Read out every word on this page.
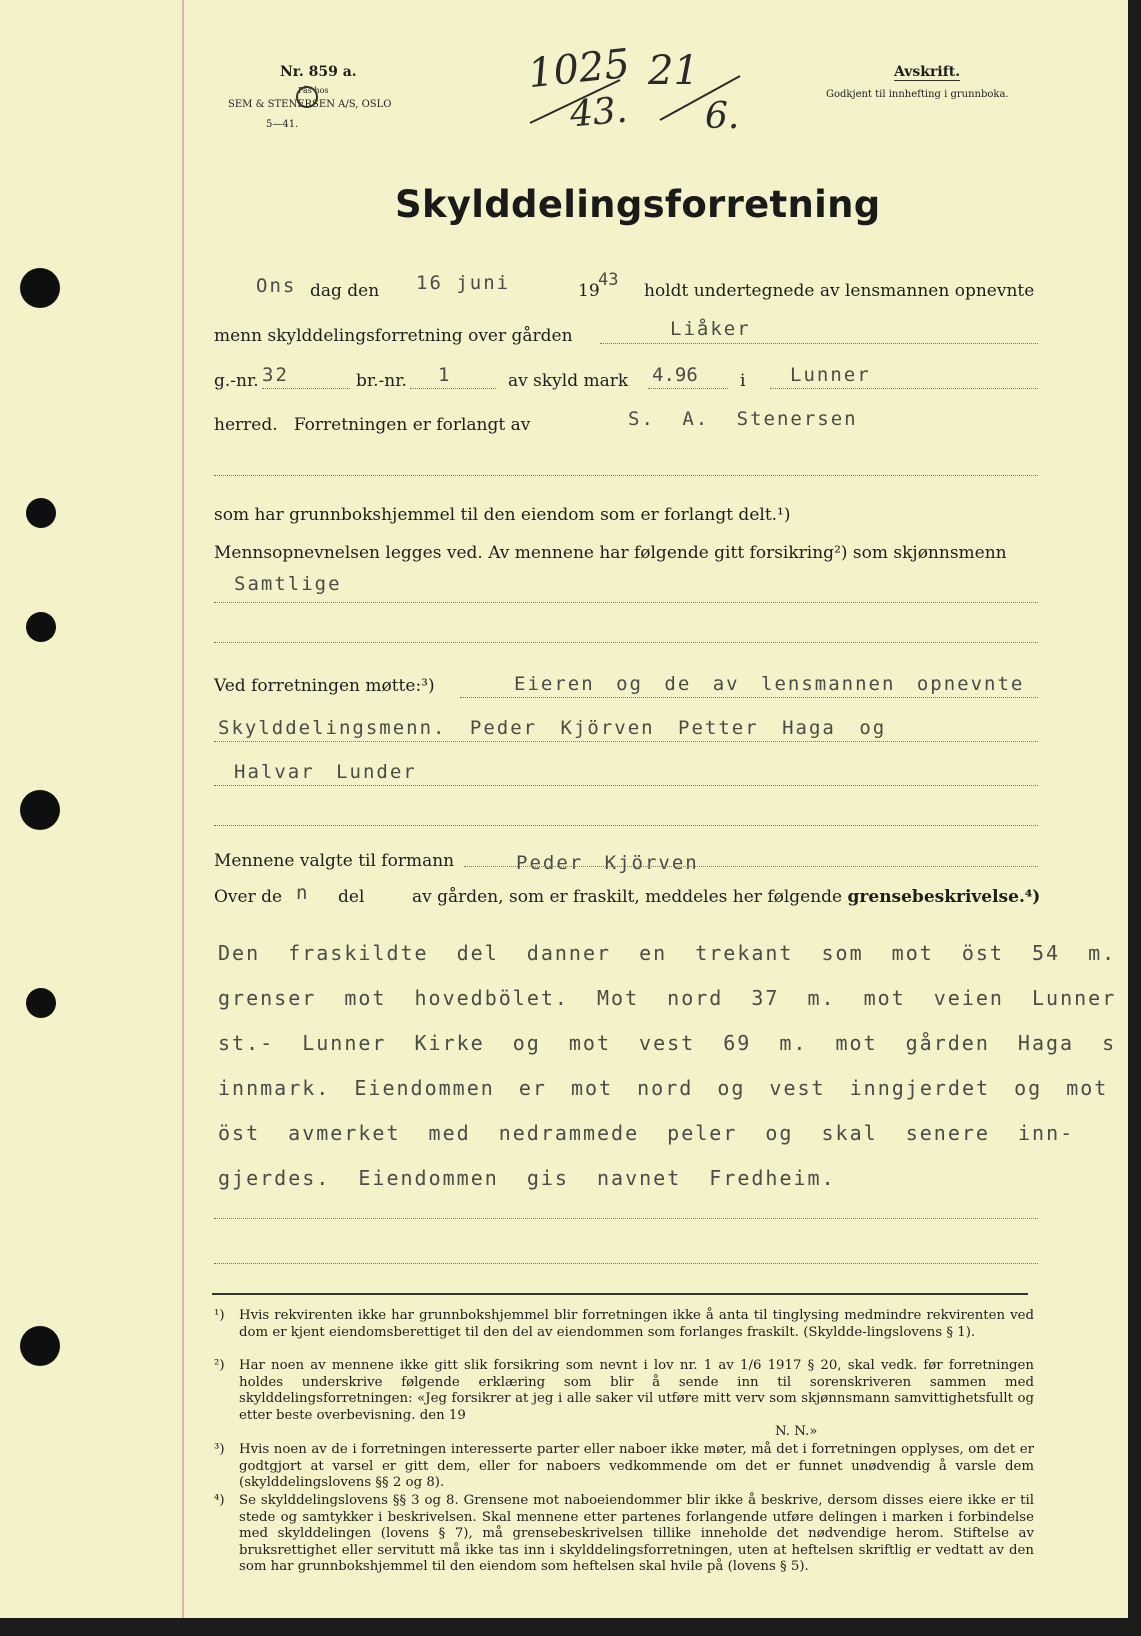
Nr. 859 a.
Fås hos
SEM & STENERSEN A/S, OSLO
5—41.
1025 21
43. 6.
Avskrift.
Godkjent til innhefting i grunnboka.
Skylddelingsforretning
Ons dag den 16 juni	19
43
holdt undertegnede av lensmannen opnevnte
menn skylddelingsforretning over gården	Liåker
g.-nr. 32	br.-nr. 1	av skyld mark 4.96 i Lunner
herred.   Forretningen er forlangt av	S. A. Stenersen
som har grunnbokshjemmel til den eiendom som er forlangt delt.¹)
Mennsopnevnelsen legges ved. Av mennene har følgende gitt forsikring²) som skjønnsmenn
Samtlige
Ved forretningen møtte:³)	Eieren og de av lensmannen opnevnte
Skylddelingsmenn. Peder Kjörven Petter Haga og
Halvar Lunder
Mennene valgte til formann	Peder Kjörven
Over de n del	av gården, som er fraskilt, meddeles her følgende grensebeskrivelse.⁴)
Den fraskildte del danner en trekant som mot öst 54 m.
grenser mot hovedbölet. Mot nord 37 m. mot veien Lunner
st.- Lunner Kirke og mot vest 69 m. mot gården Haga s
innmark. Eiendommen er mot nord og vest inngjerdet og mot
öst avmerket med nedrammede peler og skal senere inn-
gjerdes. Eiendommen gis navnet Fredheim.
¹) Hvis rekvirenten ikke har grunnbokshjemmel blir forretningen ikke å anta til tinglysing medmindre rekvirenten ved dom er kjent eiendomsberettiget til den del av eiendommen som forlanges fraskilt. (Skyldde-lingslovens § 1).
²) Har noen av mennene ikke gitt slik forsikring som nevnt i lov nr. 1 av 1/6 1917 § 20, skal vedk. før forretningen holdes underskrive følgende erklæring som blir å sende inn til sorenskriveren sammen med skylddelingsforretningen: «Jeg forsikrer at jeg i alle saker vil utføre mitt verv som skjønnsmann samvittighetsfullt og etter beste overbevisning. den 19
N. N.»
³) Hvis noen av de i forretningen interesserte parter eller naboer ikke møter, må det i forretningen opplyses, om det er godtgjort at varsel er gitt dem, eller for naboers vedkommende om det er funnet unødvendig å varsle dem (skylddelingslovens §§ 2 og 8).
⁴) Se skylddelingslovens §§ 3 og 8. Grensene mot naboeiendommer blir ikke å beskrive, dersom disses eiere ikke er til stede og samtykker i beskrivelsen. Skal mennene etter partenes forlangende utføre delingen i marken i forbindelse med skylddelingen (lovens § 7), må grensebeskrivelsen tillike inneholde det nødvendige herom. Stiftelse av bruksrettighet eller servitutt må ikke tas inn i skylddelingsforretningen, uten at heftelsen skriftlig er vedtatt av den som har grunnbokshjemmel til den eiendom som heftelsen skal hvile på (lovens § 5).
